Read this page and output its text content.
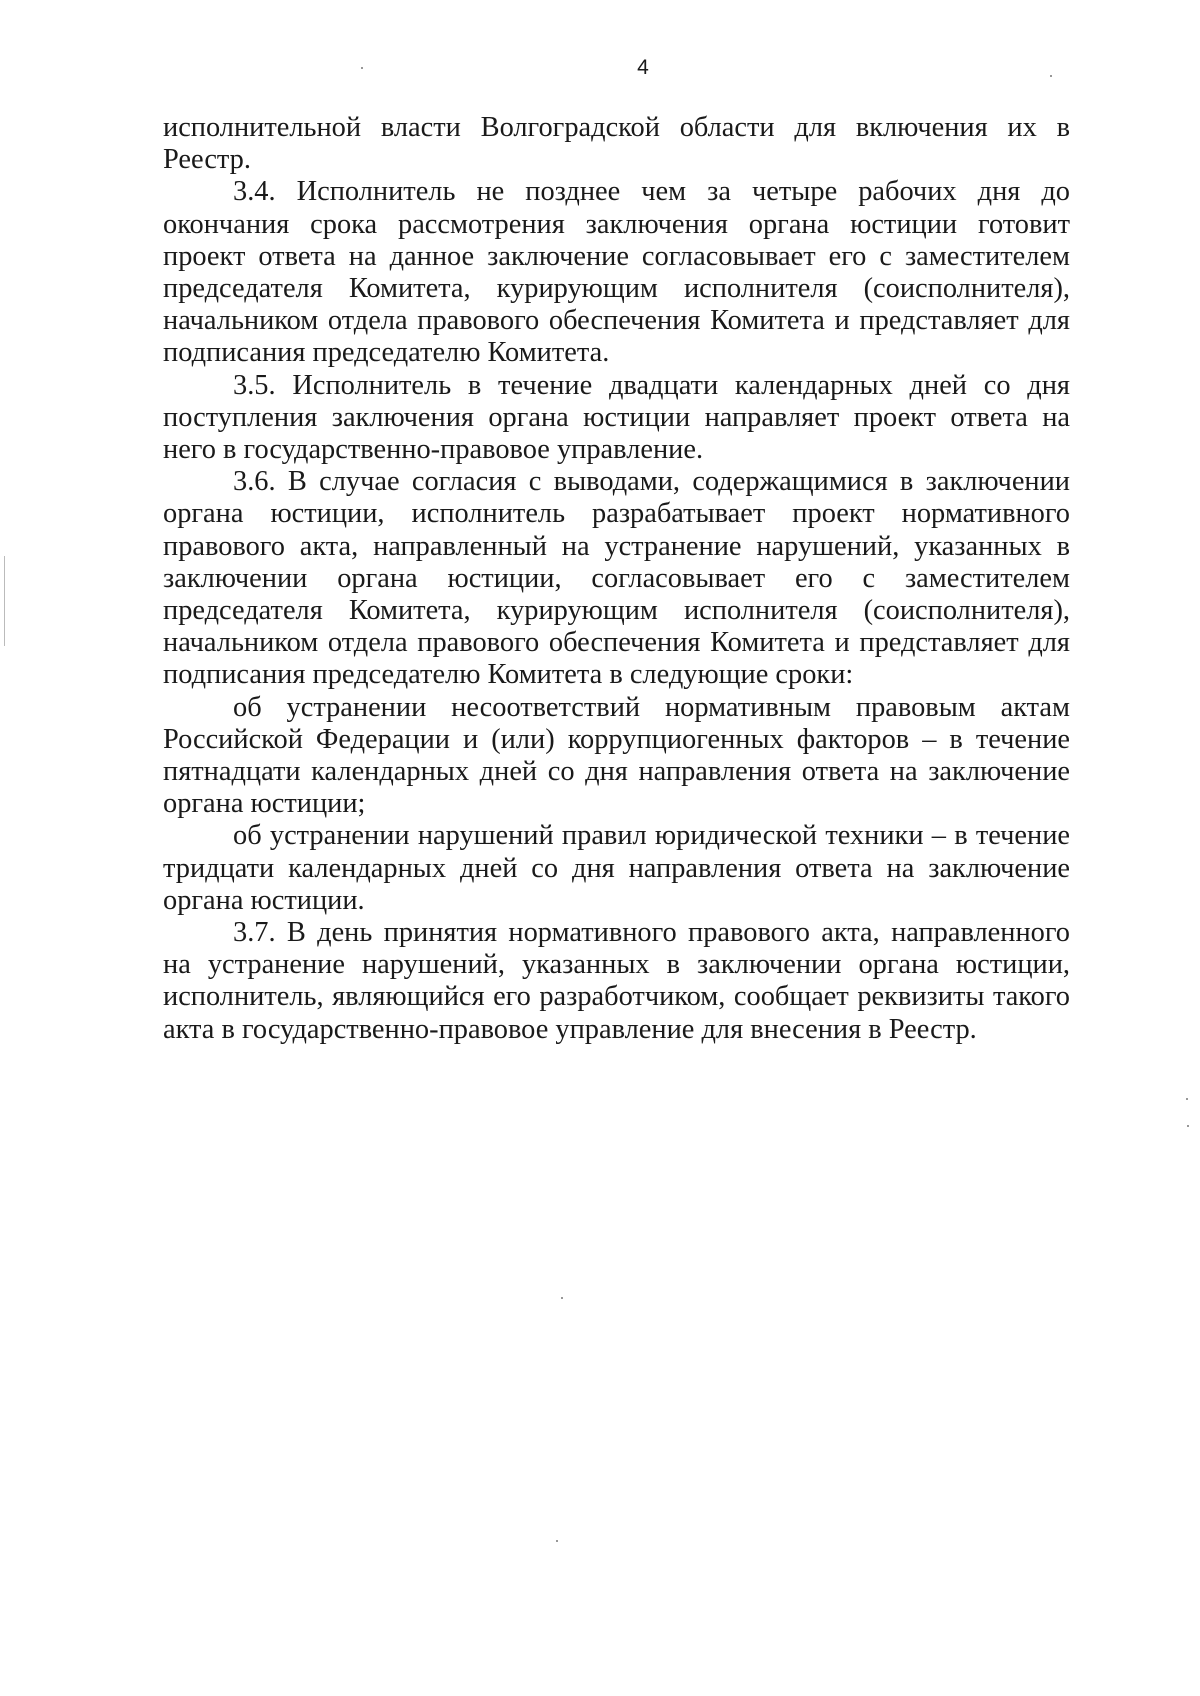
4

исполнительной власти Волгоградской области для включения их в Реестр.

3.4. Исполнитель не позднее чем за четыре рабочих дня до окончания срока рассмотрения заключения органа юстиции готовит проект ответа на данное заключение согласовывает его с заместителем председателя Комитета, курирующим исполнителя (соисполнителя), начальником отдела правового обеспечения Комитета и представляет для подписания председателю Комитета.

3.5. Исполнитель в течение двадцати календарных дней со дня поступления заключения органа юстиции направляет проект ответа на него в государственно-правовое управление.

3.6. В случае согласия с выводами, содержащимися в заключении органа юстиции, исполнитель разрабатывает проект нормативного правового акта, направленный на устранение нарушений, указанных в заключении органа юстиции, согласовывает его с заместителем председателя Комитета, курирующим исполнителя (соисполнителя), начальником отдела правового обеспечения Комитета и представляет для подписания председателю Комитета в следующие сроки:

об устранении несоответствий нормативным правовым актам Российской Федерации и (или) коррупциогенных факторов – в течение пятнадцати календарных дней со дня направления ответа на заключение органа юстиции;

об устранении нарушений правил юридической техники – в течение тридцати календарных дней со дня направления ответа на заключение органа юстиции.

3.7. В день принятия нормативного правового акта, направленного на устранение нарушений, указанных в заключении органа юстиции, исполнитель, являющийся его разработчиком, сообщает реквизиты такого акта в государственно-правовое управление для внесения в Реестр.
